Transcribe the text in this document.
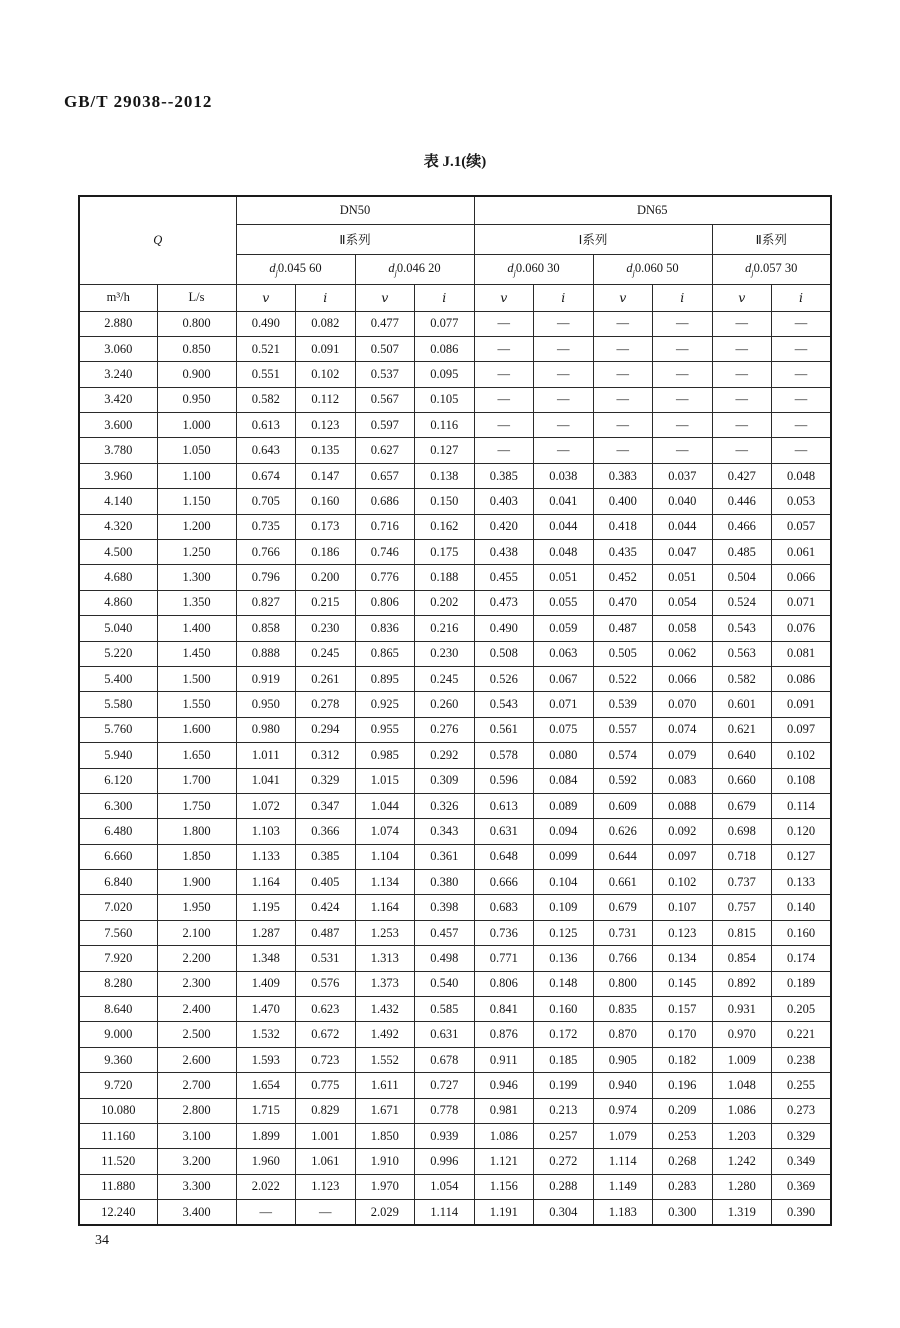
GB/T 29038--2012
表 J.1(续)
Q		DN50				DN65					
		Ⅱ系列				Ⅰ系列				Ⅱ系列	
		$d_j0.045$ 60		$d_j0.046$ 20		$d_j0.060$ 30		$d_j0.060$ 50		$d_j0.057$ 30	
m³/h	L/s	v	i	v	i	v	i	v	i	v	i
2.880	0.800	0.490	0.082	0.477	0.077	—	—	—	—	—	—
3.060	0.850	0.521	0.091	0.507	0.086	—	—	—	—	—	—
3.240	0.900	0.551	0.102	0.537	0.095	—	—	—	—	—	—
3.420	0.950	0.582	0.112	0.567	0.105	—	—	—	—	—	—
3.600	1.000	0.613	0.123	0.597	0.116	—	—	—	—	—	—
3.780	1.050	0.643	0.135	0.627	0.127	—	—	—	—	—	—
3.960	1.100	0.674	0.147	0.657	0.138	0.385	0.038	0.383	0.037	0.427	0.048
4.140	1.150	0.705	0.160	0.686	0.150	0.403	0.041	0.400	0.040	0.446	0.053
4.320	1.200	0.735	0.173	0.716	0.162	0.420	0.044	0.418	0.044	0.466	0.057
4.500	1.250	0.766	0.186	0.746	0.175	0.438	0.048	0.435	0.047	0.485	0.061
4.680	1.300	0.796	0.200	0.776	0.188	0.455	0.051	0.452	0.051	0.504	0.066
4.860	1.350	0.827	0.215	0.806	0.202	0.473	0.055	0.470	0.054	0.524	0.071
5.040	1.400	0.858	0.230	0.836	0.216	0.490	0.059	0.487	0.058	0.543	0.076
5.220	1.450	0.888	0.245	0.865	0.230	0.508	0.063	0.505	0.062	0.563	0.081
5.400	1.500	0.919	0.261	0.895	0.245	0.526	0.067	0.522	0.066	0.582	0.086
5.580	1.550	0.950	0.278	0.925	0.260	0.543	0.071	0.539	0.070	0.601	0.091
5.760	1.600	0.980	0.294	0.955	0.276	0.561	0.075	0.557	0.074	0.621	0.097
5.940	1.650	1.011	0.312	0.985	0.292	0.578	0.080	0.574	0.079	0.640	0.102
6.120	1.700	1.041	0.329	1.015	0.309	0.596	0.084	0.592	0.083	0.660	0.108
6.300	1.750	1.072	0.347	1.044	0.326	0.613	0.089	0.609	0.088	0.679	0.114
6.480	1.800	1.103	0.366	1.074	0.343	0.631	0.094	0.626	0.092	0.698	0.120
6.660	1.850	1.133	0.385	1.104	0.361	0.648	0.099	0.644	0.097	0.718	0.127
6.840	1.900	1.164	0.405	1.134	0.380	0.666	0.104	0.661	0.102	0.737	0.133
7.020	1.950	1.195	0.424	1.164	0.398	0.683	0.109	0.679	0.107	0.757	0.140
7.560	2.100	1.287	0.487	1.253	0.457	0.736	0.125	0.731	0.123	0.815	0.160
7.920	2.200	1.348	0.531	1.313	0.498	0.771	0.136	0.766	0.134	0.854	0.174
8.280	2.300	1.409	0.576	1.373	0.540	0.806	0.148	0.800	0.145	0.892	0.189
8.640	2.400	1.470	0.623	1.432	0.585	0.841	0.160	0.835	0.157	0.931	0.205
9.000	2.500	1.532	0.672	1.492	0.631	0.876	0.172	0.870	0.170	0.970	0.221
9.360	2.600	1.593	0.723	1.552	0.678	0.911	0.185	0.905	0.182	1.009	0.238
9.720	2.700	1.654	0.775	1.611	0.727	0.946	0.199	0.940	0.196	1.048	0.255
10.080	2.800	1.715	0.829	1.671	0.778	0.981	0.213	0.974	0.209	1.086	0.273
11.160	3.100	1.899	1.001	1.850	0.939	1.086	0.257	1.079	0.253	1.203	0.329
11.520	3.200	1.960	1.061	1.910	0.996	1.121	0.272	1.114	0.268	1.242	0.349
11.880	3.300	2.022	1.123	1.970	1.054	1.156	0.288	1.149	0.283	1.280	0.369
12.240	3.400	—	—	2.029	1.114	1.191	0.304	1.183	0.300	1.319	0.390
34
